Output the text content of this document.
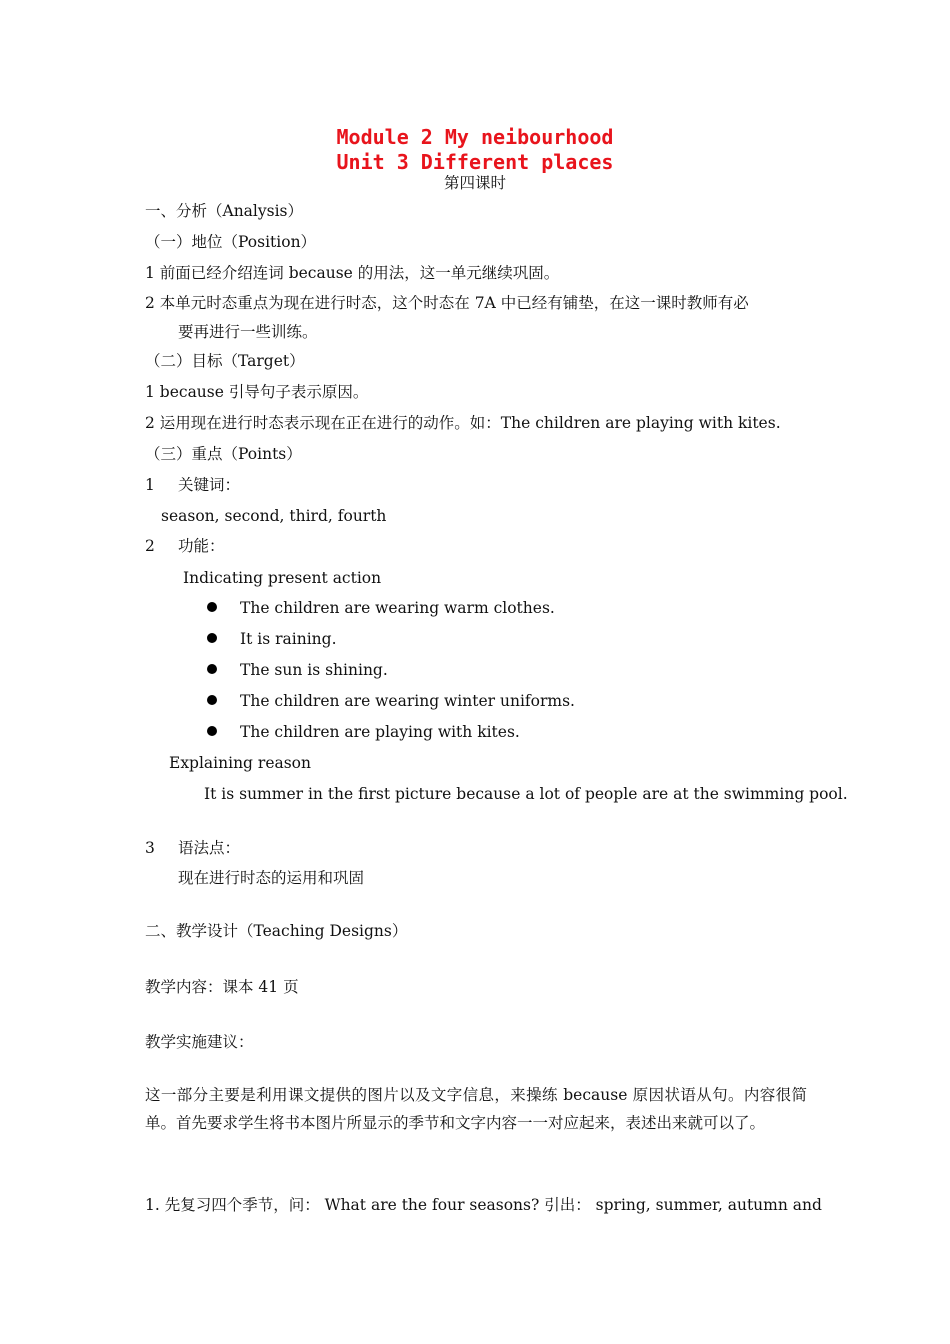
Module 2 My neibourhood
Unit 3 Different places
第四课时
一、分析（Analysis）
（一）地位（Position）
1 前面已经介绍连词 because 的用法，这一单元继续巩固。
2 本单元时态重点为现在进行时态，这个时态在 7A 中已经有铺垫，在这一课时教师有必
要再进行一些训练。
（二）目标（Target）
1 because 引导句子表示原因。
2 运用现在进行时态表示现在正在进行的动作。如：The children are playing with kites.
（三）重点（Points）
1 关键词：
season, second, third, fourth
2 功能：
Indicating present action
The children are wearing warm clothes.
It is raining.
The sun is shining.
The children are wearing winter uniforms.
The children are playing with kites.
Explaining reason
It is summer in the first picture because a lot of people are at the swimming pool.
3 语法点：
现在进行时态的运用和巩固
二、教学设计（Teaching Designs）
教学内容：课本 41 页
教学实施建议：
这一部分主要是利用课文提供的图片以及文字信息，来操练 because 原因状语从句。内容很简单。首先要求学生将书本图片所显示的季节和文字内容一一对应起来，表述出来就可以了。
1. 先复习四个季节，问： What are the four seasons? 引出： spring, summer, autumn and
